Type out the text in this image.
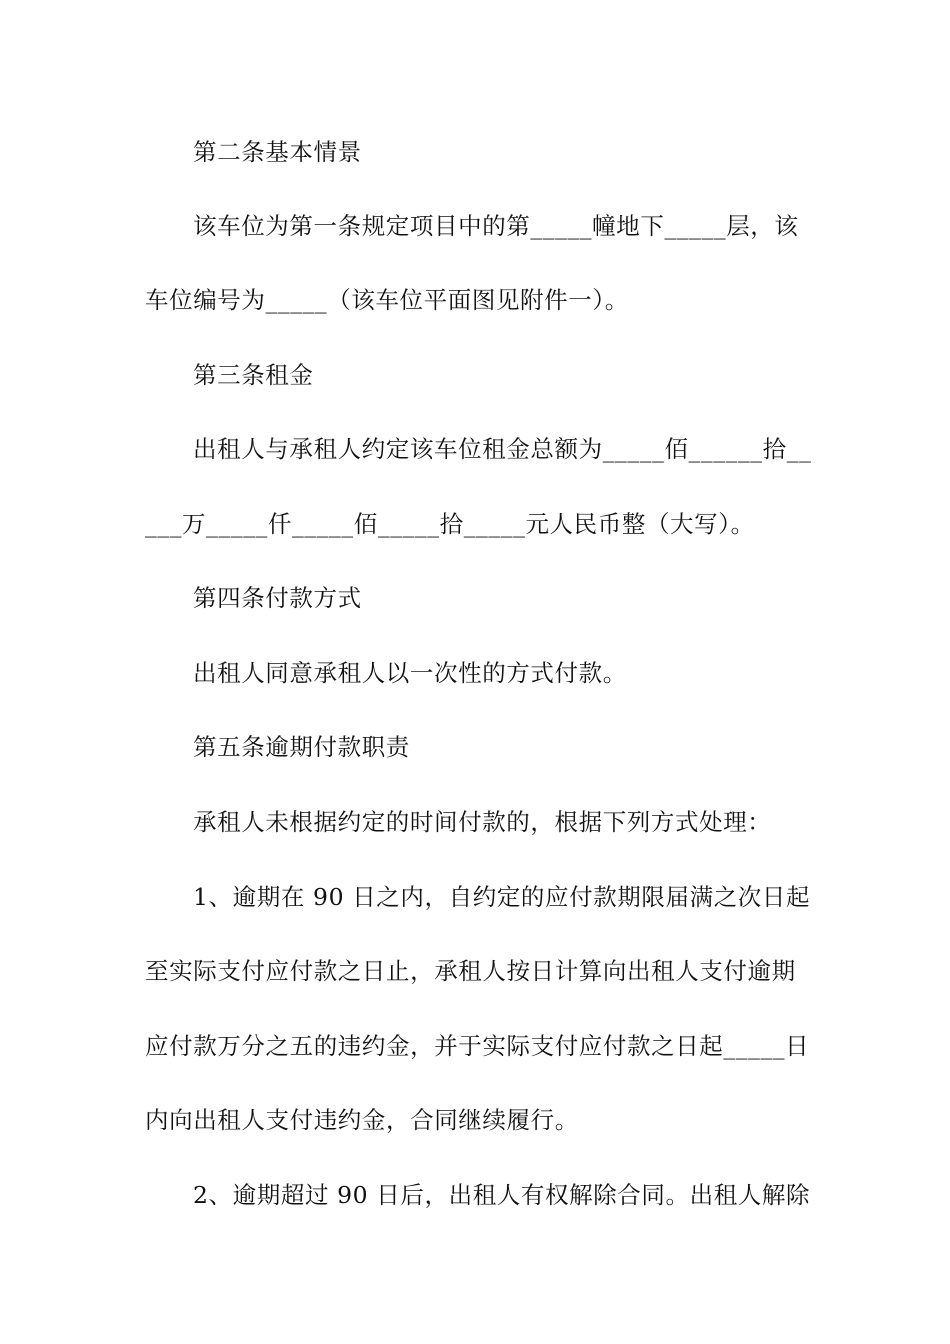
第二条基本情景
该车位为第一条规定项目中的第_____幢地下_____层，该
车位编号为_____（该车位平面图见附件一）。
第三条租金
出租人与承租人约定该车位租金总额为_____佰______拾__
___万_____仟_____佰_____拾_____元人民币整（大写）。
第四条付款方式
出租人同意承租人以一次性的方式付款。
第五条逾期付款职责
承租人未根据约定的时间付款的，根据下列方式处理：
1、逾期在 90 日之内，自约定的应付款期限届满之次日起
至实际支付应付款之日止，承租人按日计算向出租人支付逾期
应付款万分之五的违约金，并于实际支付应付款之日起_____日
内向出租人支付违约金，合同继续履行。
2、逾期超过 90 日后，出租人有权解除合同。出租人解除
